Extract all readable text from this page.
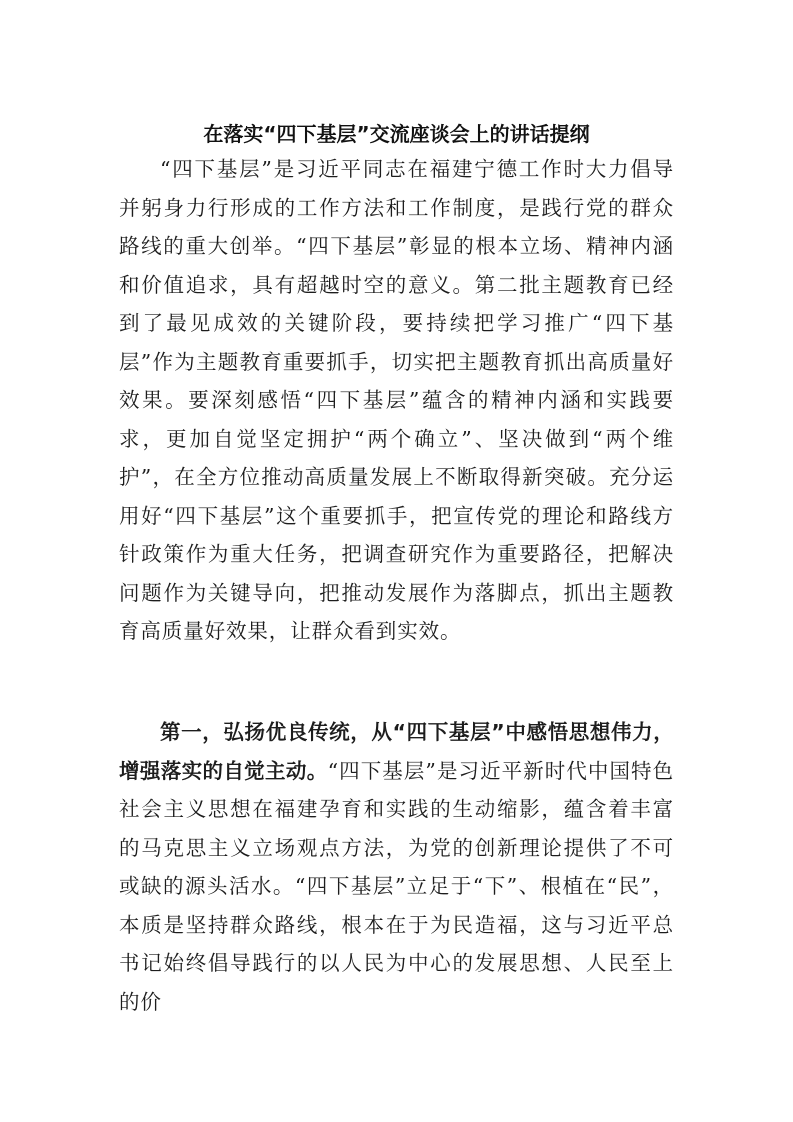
在落实“四下基层”交流座谈会上的讲话提纲

“四下基层”是习近平同志在福建宁德工作时大力倡导并躬身力行形成的工作方法和工作制度，是践行党的群众路线的重大创举。“四下基层”彰显的根本立场、精神内涵和价值追求，具有超越时空的意义。第二批主题教育已经到了最见成效的关键阶段，要持续把学习推广“四下基层”作为主题教育重要抓手，切实把主题教育抓出高质量好效果。要深刻感悟“四下基层”蕴含的精神内涵和实践要求，更加自觉坚定拥护“两个确立”、坚决做到“两个维护”，在全方位推动高质量发展上不断取得新突破。充分运用好“四下基层”这个重要抓手，把宣传党的理论和路线方针政策作为重大任务，把调查研究作为重要路径，把解决问题作为关键导向，把推动发展作为落脚点，抓出主题教育高质量好效果，让群众看到实效。

第一，弘扬优良传统，从“四下基层”中感悟思想伟力，增强落实的自觉主动。“四下基层”是习近平新时代中国特色社会主义思想在福建孕育和实践的生动缩影，蕴含着丰富的马克思主义立场观点方法，为党的创新理论提供了不可或缺的源头活水。“四下基层”立足于“下”、根植在“民”，本质是坚持群众路线，根本在于为民造福，这与习近平总书记始终倡导践行的以人民为中心的发展思想、人民至上的价
